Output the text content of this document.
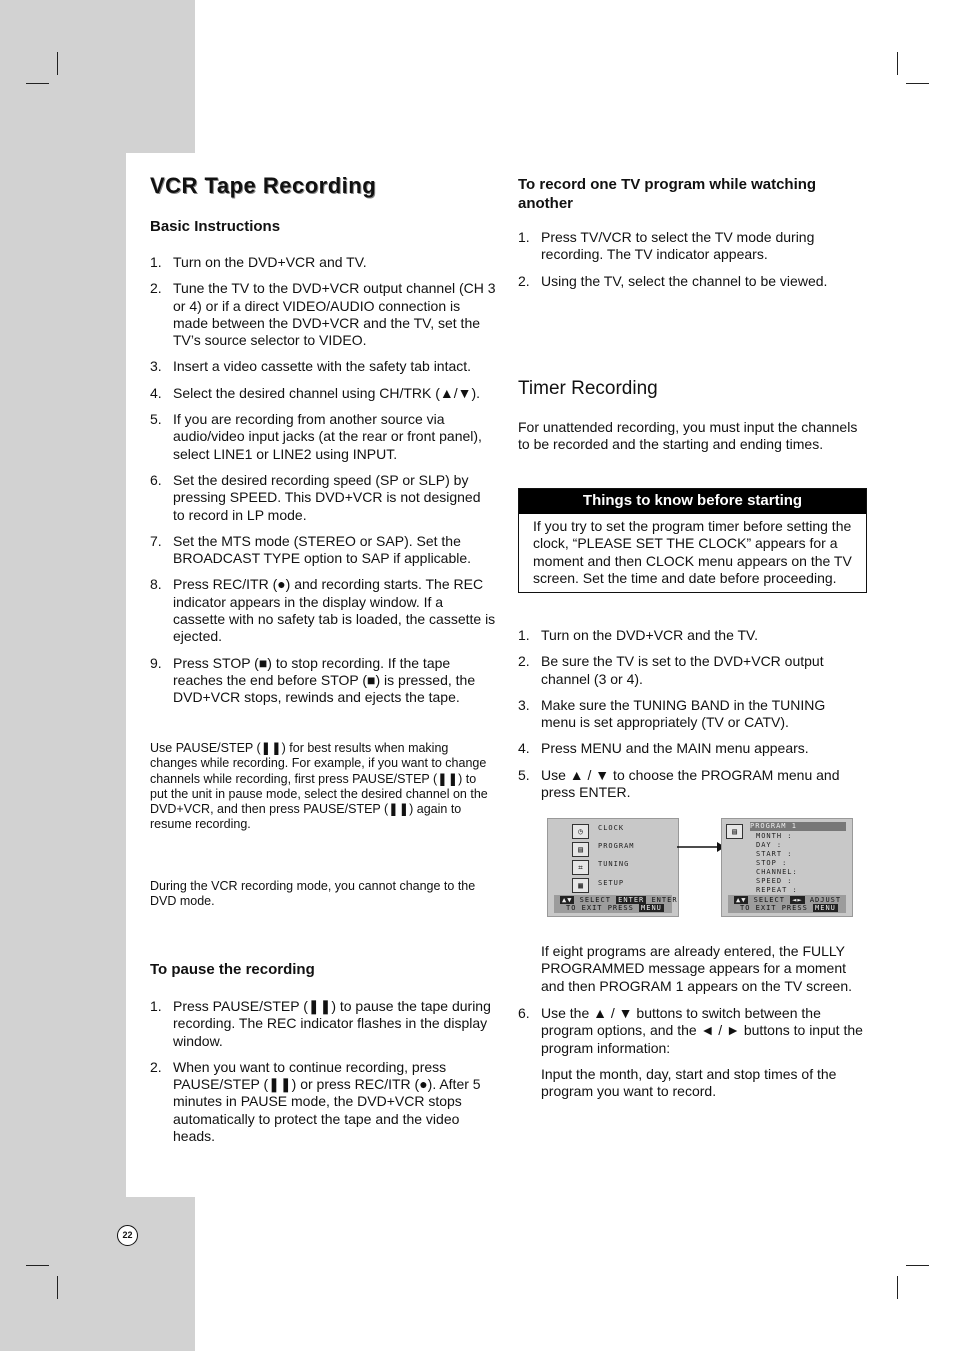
VCR Tape Recording
Basic Instructions
1. Turn on the DVD+VCR and TV.
2. Tune the TV to the DVD+VCR output channel (CH 3 or 4) or if a direct VIDEO/AUDIO connection is made between the DVD+VCR and the TV, set the TV’s source selector to VIDEO.
3. Insert a video cassette with the safety tab intact.
4. Select the desired channel using CH/TRK (▲/▼).
5. If you are recording from another source via audio/video input jacks (at the rear or front panel), select LINE1 or LINE2 using INPUT.
6. Set the desired recording speed (SP or SLP) by pressing SPEED. This DVD+VCR is not designed to record in LP mode.
7. Set the MTS mode (STEREO or SAP). Set the BROADCAST TYPE option to SAP if applicable.
8. Press REC/ITR (●) and recording starts. The REC indicator appears in the display window. If a cassette with no safety tab is loaded, the cassette is ejected.
9. Press STOP (■) to stop recording. If the tape reaches the end before STOP (■) is pressed, the DVD+VCR stops, rewinds and ejects the tape.

Use PAUSE/STEP (❚❚) for best results when making changes while recording. For example, if you want to change channels while recording, first press PAUSE/STEP (❚❚) to put the unit in pause mode, select the desired channel on the DVD+VCR, and then press PAUSE/STEP (❚❚) again to resume recording.

During the VCR recording mode, you cannot change to the DVD mode.

To pause the recording
1. Press PAUSE/STEP (❚❚) to pause the tape during recording. The REC indicator flashes in the display window.
2. When you want to continue recording, press PAUSE/STEP (❚❚) or press REC/ITR (●). After 5 minutes in PAUSE mode, the DVD+VCR stops automatically to protect the tape and the video heads.
To record one TV program while watching another
1. Press TV/VCR to select the TV mode during recording. The TV indicator appears.
2. Using the TV, select the channel to be viewed.
Timer Recording

For unattended recording, you must input the channels to be recorded and the starting and ending times.

Things to know before starting
If you try to set the program timer before setting the clock, “PLEASE SET THE CLOCK” appears for a moment and then CLOCK menu appears on the TV screen. Set the time and date before proceeding.
1. Turn on the DVD+VCR and the TV.
2. Be sure the TV is set to the DVD+VCR output channel (3 or 4).
3. Make sure the TUNING BAND in the TUNING menu is set appropriately (TV or CATV).
4. Press MENU and the MAIN menu appears.
5. Use ▲ / ▼ to choose the PROGRAM menu and press ENTER.

If eight programs are already entered, the FULLY PROGRAMMED message appears for a moment and then PROGRAM 1 appears on the TV screen.

6. Use the ▲ / ▼ buttons to switch between the program options, and the ◄ / ► buttons to input the program information:

Input the month, day, start and stop times of the program you want to record.

◷
▤
⌗
▦
CLOCK
PROGRAM
TUNING
SETUP
▲▼ SELECT ENTER ENTER
TO EXIT PRESS MENU
▤
PROGRAM 1
MONTH :
DAY :
START :
STOP :
CHANNEL:
SPEED :
REPEAT :
▲▼ SELECT ◄► ADJUST
TO EXIT PRESS MENU
22
